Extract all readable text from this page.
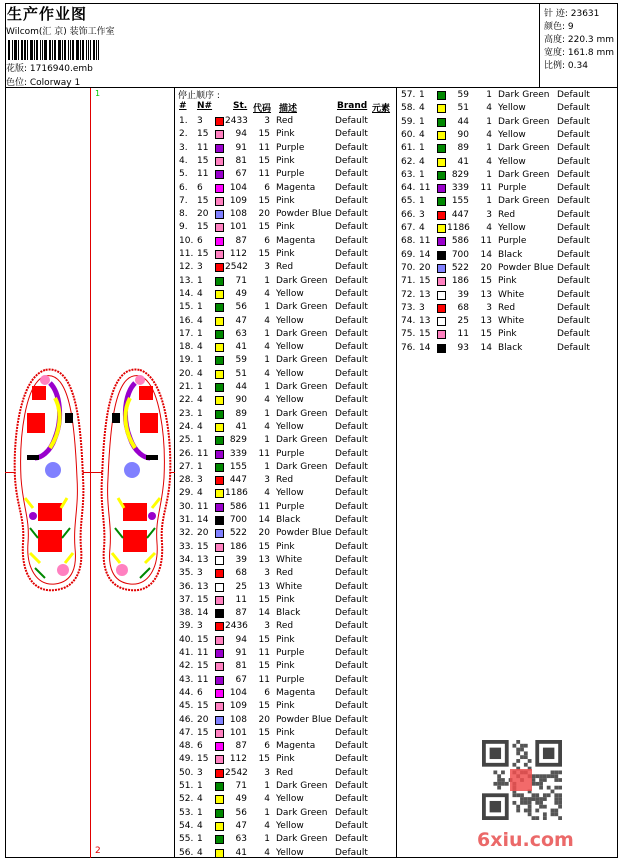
生产作业图
Wilcom(汇 京) 装饰工作室
花版: 1716940.emb
色位: Colorway 1
针 迹: 23631
颜色: 9
高度: 220.3 mm
宽度: 161.8 mm
比例: 0.34
1
2
停止顺序 :
# N# St. 代码 描述	Brand 元素
1. 3 2433	3 Red	Default
2. 15	94	15 Pink	Default
3. 11	91	11 Purple	Default
4. 15	81	15 Pink	Default
5. 11	67	11 Purple	Default
6. 6	104	6 Magenta Default
7. 15	109	15 Pink	Default
8. 20	108	20 Powder Blue Default
9. 15	101	15 Pink	Default
10. 6	87	6 Magenta Default
11. 15	112	15 Pink	Default
12. 3 2542	3 Red	Default
13. 1	71	1 Dark Green Default
14. 4	49	4 Yellow	Default
15. 1	56	1 Dark Green Default
16. 4	47	4 Yellow	Default
17. 1	63	1 Dark Green Default
18. 4	41	4 Yellow	Default
19. 1	59	1 Dark Green Default
20. 4	51	4 Yellow	Default
21. 1	44	1 Dark Green Default
22. 4	90	4 Yellow	Default
23. 1	89	1 Dark Green Default
24. 4	41	4 Yellow	Default
25. 1	829	1 Dark Green Default
26. 11	339	11 Purple	Default
27. 1	155	1 Dark Green Default
28. 3	447	3 Red	Default
29. 4 1186	4 Yellow	Default
30. 11	586	11 Purple	Default
31. 14	700	14 Black	Default
32. 20	522	20 Powder Blue Default
33. 15	186	15 Pink	Default
34. 13	39	13 White	Default
35. 3	68	3 Red	Default
36. 13	25	13 White	Default
37. 15	11	15 Pink	Default
38. 14	87	14 Black	Default
39. 3 2436	3 Red	Default
40. 15	94	15 Pink	Default
41. 11	91	11 Purple	Default
42. 15	81	15 Pink	Default
43. 11	67	11 Purple	Default
44. 6	104	6 Magenta Default
45. 15	109	15 Pink	Default
46. 20	108	20 Powder Blue Default
47. 15	101	15 Pink	Default
48. 6	87	6 Magenta Default
49. 15	112	15 Pink	Default
50. 3 2542	3 Red	Default
51. 1	71	1 Dark Green Default
52. 4	49	4 Yellow	Default
53. 1	56	1 Dark Green Default
54. 4	47	4 Yellow	Default
55. 1	63	1 Dark Green Default
56. 4	41	4 Yellow	Default
57. 1	59	1 Dark Green Default
58. 4	51	4 Yellow	Default
59. 1	44	1 Dark Green Default
60. 4	90	4 Yellow	Default
61. 1	89	1 Dark Green Default
62. 4	41	4 Yellow	Default
63. 1	829	1 Dark Green Default
64. 11	339	11 Purple	Default
65. 1	155	1 Dark Green Default
66. 3	447	3 Red	Default
67. 4 1186	4 Yellow	Default
68. 11	586	11 Purple	Default
69. 14	700	14 Black	Default
70. 20	522	20 Powder Blue Default
71. 15	186	15 Pink	Default
72. 13	39	13 White	Default
73. 3	68	3 Red	Default
74. 13	25	13 White	Default
75. 15	11	15 Pink	Default
76. 14	93	14 Black	Default
6xiu.com
